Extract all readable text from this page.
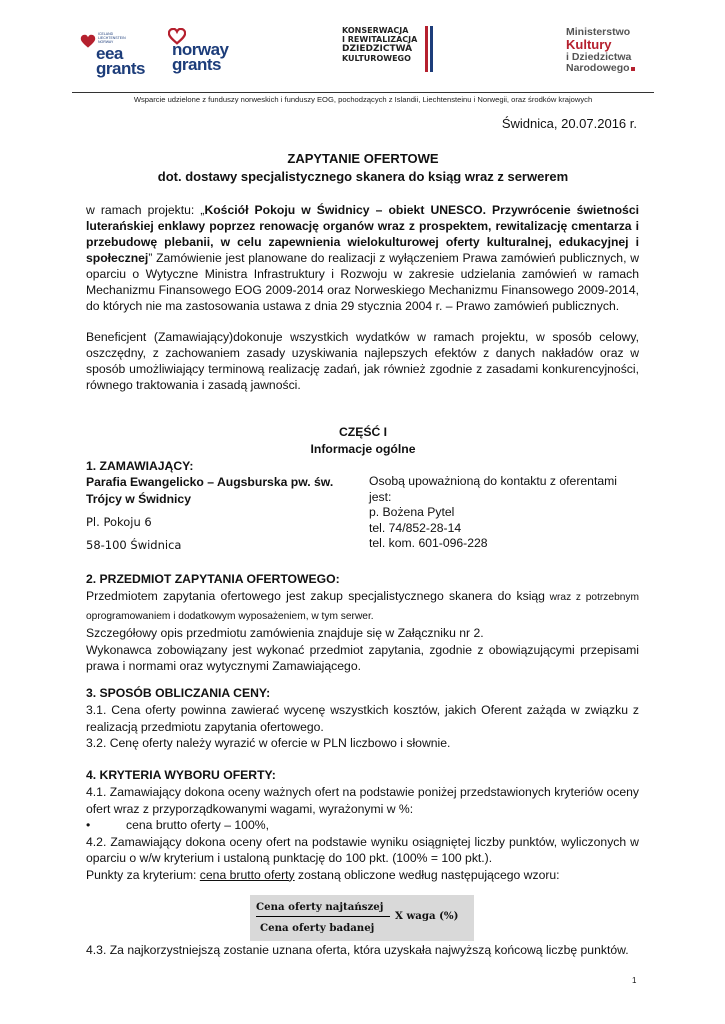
ICELAND LIECHTENSTEIN NORWAY
eea
grants
norway
grants
KONSERWACJA
I REWITALIZACJA
DZIEDZICTWA
KULTUROWEGO
Ministerstwo
Kultury
i Dziedzictwa
Narodowego
Wsparcie udzielone z funduszy norweskich i funduszy EOG, pochodzących z Islandii, Liechtensteinu i Norwegii, oraz środków krajowych
Świdnica, 20.07.2016 r.
ZAPYTANIE OFERTOWE
dot. dostawy specjalistycznego skanera do ksiąg wraz z serwerem
w ramach projektu: „Kościół Pokoju w Świdnicy – obiekt UNESCO. Przywrócenie świetności luterańskiej enklawy poprzez renowację organów wraz z prospektem, rewitalizację cmentarza i przebudowę plebanii, w celu zapewnienia wielokulturowej oferty kulturalnej, edukacyjnej i społecznej” Zamówienie jest planowane do realizacji z wyłączeniem Prawa zamówień publicznych, w oparciu o Wytyczne Ministra Infrastruktury i Rozwoju w zakresie udzielania zamówień w ramach Mechanizmu Finansowego EOG 2009-2014 oraz Norweskiego Mechanizmu Finansowego 2009-2014, do których nie ma zastosowania ustawa z dnia 29 stycznia 2004 r. – Prawo zamówień publicznych.
Beneficjent (Zamawiający)dokonuje wszystkich wydatków w ramach projektu, w sposób celowy, oszczędny, z zachowaniem zasady uzyskiwania najlepszych efektów z danych nakładów oraz w sposób umożliwiający terminową realizację zadań, jak również zgodnie z zasadami konkurencyjności, równego traktowania i zasadą jawności.
CZĘŚĆ I
Informacje ogólne
1. ZAMAWIAJĄCY:
Parafia Ewangelicko – Augsburska pw. św. Trójcy w Świdnicy
Pl. Pokoju 6
58-100 Świdnica
Osobą upoważnioną do kontaktu z oferentami jest:
p. Bożena Pytel
tel. 74/852-28-14
tel. kom. 601-096-228
2. PRZEDMIOT ZAPYTANIA OFERTOWEGO:
Przedmiotem zapytania ofertowego jest zakup specjalistycznego skanera do ksiąg wraz z potrzebnym oprogramowaniem i dodatkowym wyposażeniem, w tym serwer.
Szczegółowy opis przedmiotu zamówienia znajduje się w Załączniku nr 2.
Wykonawca zobowiązany jest wykonać przedmiot zapytania, zgodnie z obowiązującymi przepisami prawa i normami oraz wytycznymi Zamawiającego.
3. SPOSÓB OBLICZANIA CENY:
3.1. Cena oferty powinna zawierać wycenę wszystkich kosztów, jakich Oferent zażąda w związku z realizacją przedmiotu zapytania ofertowego.
3.2. Cenę oferty należy wyrazić w ofercie w PLN liczbowo i słownie.
4. KRYTERIA WYBORU OFERTY:
4.1. Zamawiający dokona oceny ważnych ofert na podstawie poniżej przedstawionych kryteriów oceny ofert wraz z przyporządkowanymi wagami, wyrażonymi w %:
•	cena brutto oferty – 100%,
4.2. Zamawiający dokona oceny ofert na podstawie wyniku osiągniętej liczby punktów, wyliczonych w oparciu o w/w kryterium i ustaloną punktację do 100 pkt. (100% = 100 pkt.).
Punkty za kryterium: cena brutto oferty zostaną obliczone według następującego wzoru:
Cena oferty najtańszej
Cena oferty badanej
X waga (%)
4.3. Za najkorzystniejszą zostanie uznana oferta, która uzyskała najwyższą końcową liczbę punktów.
1
